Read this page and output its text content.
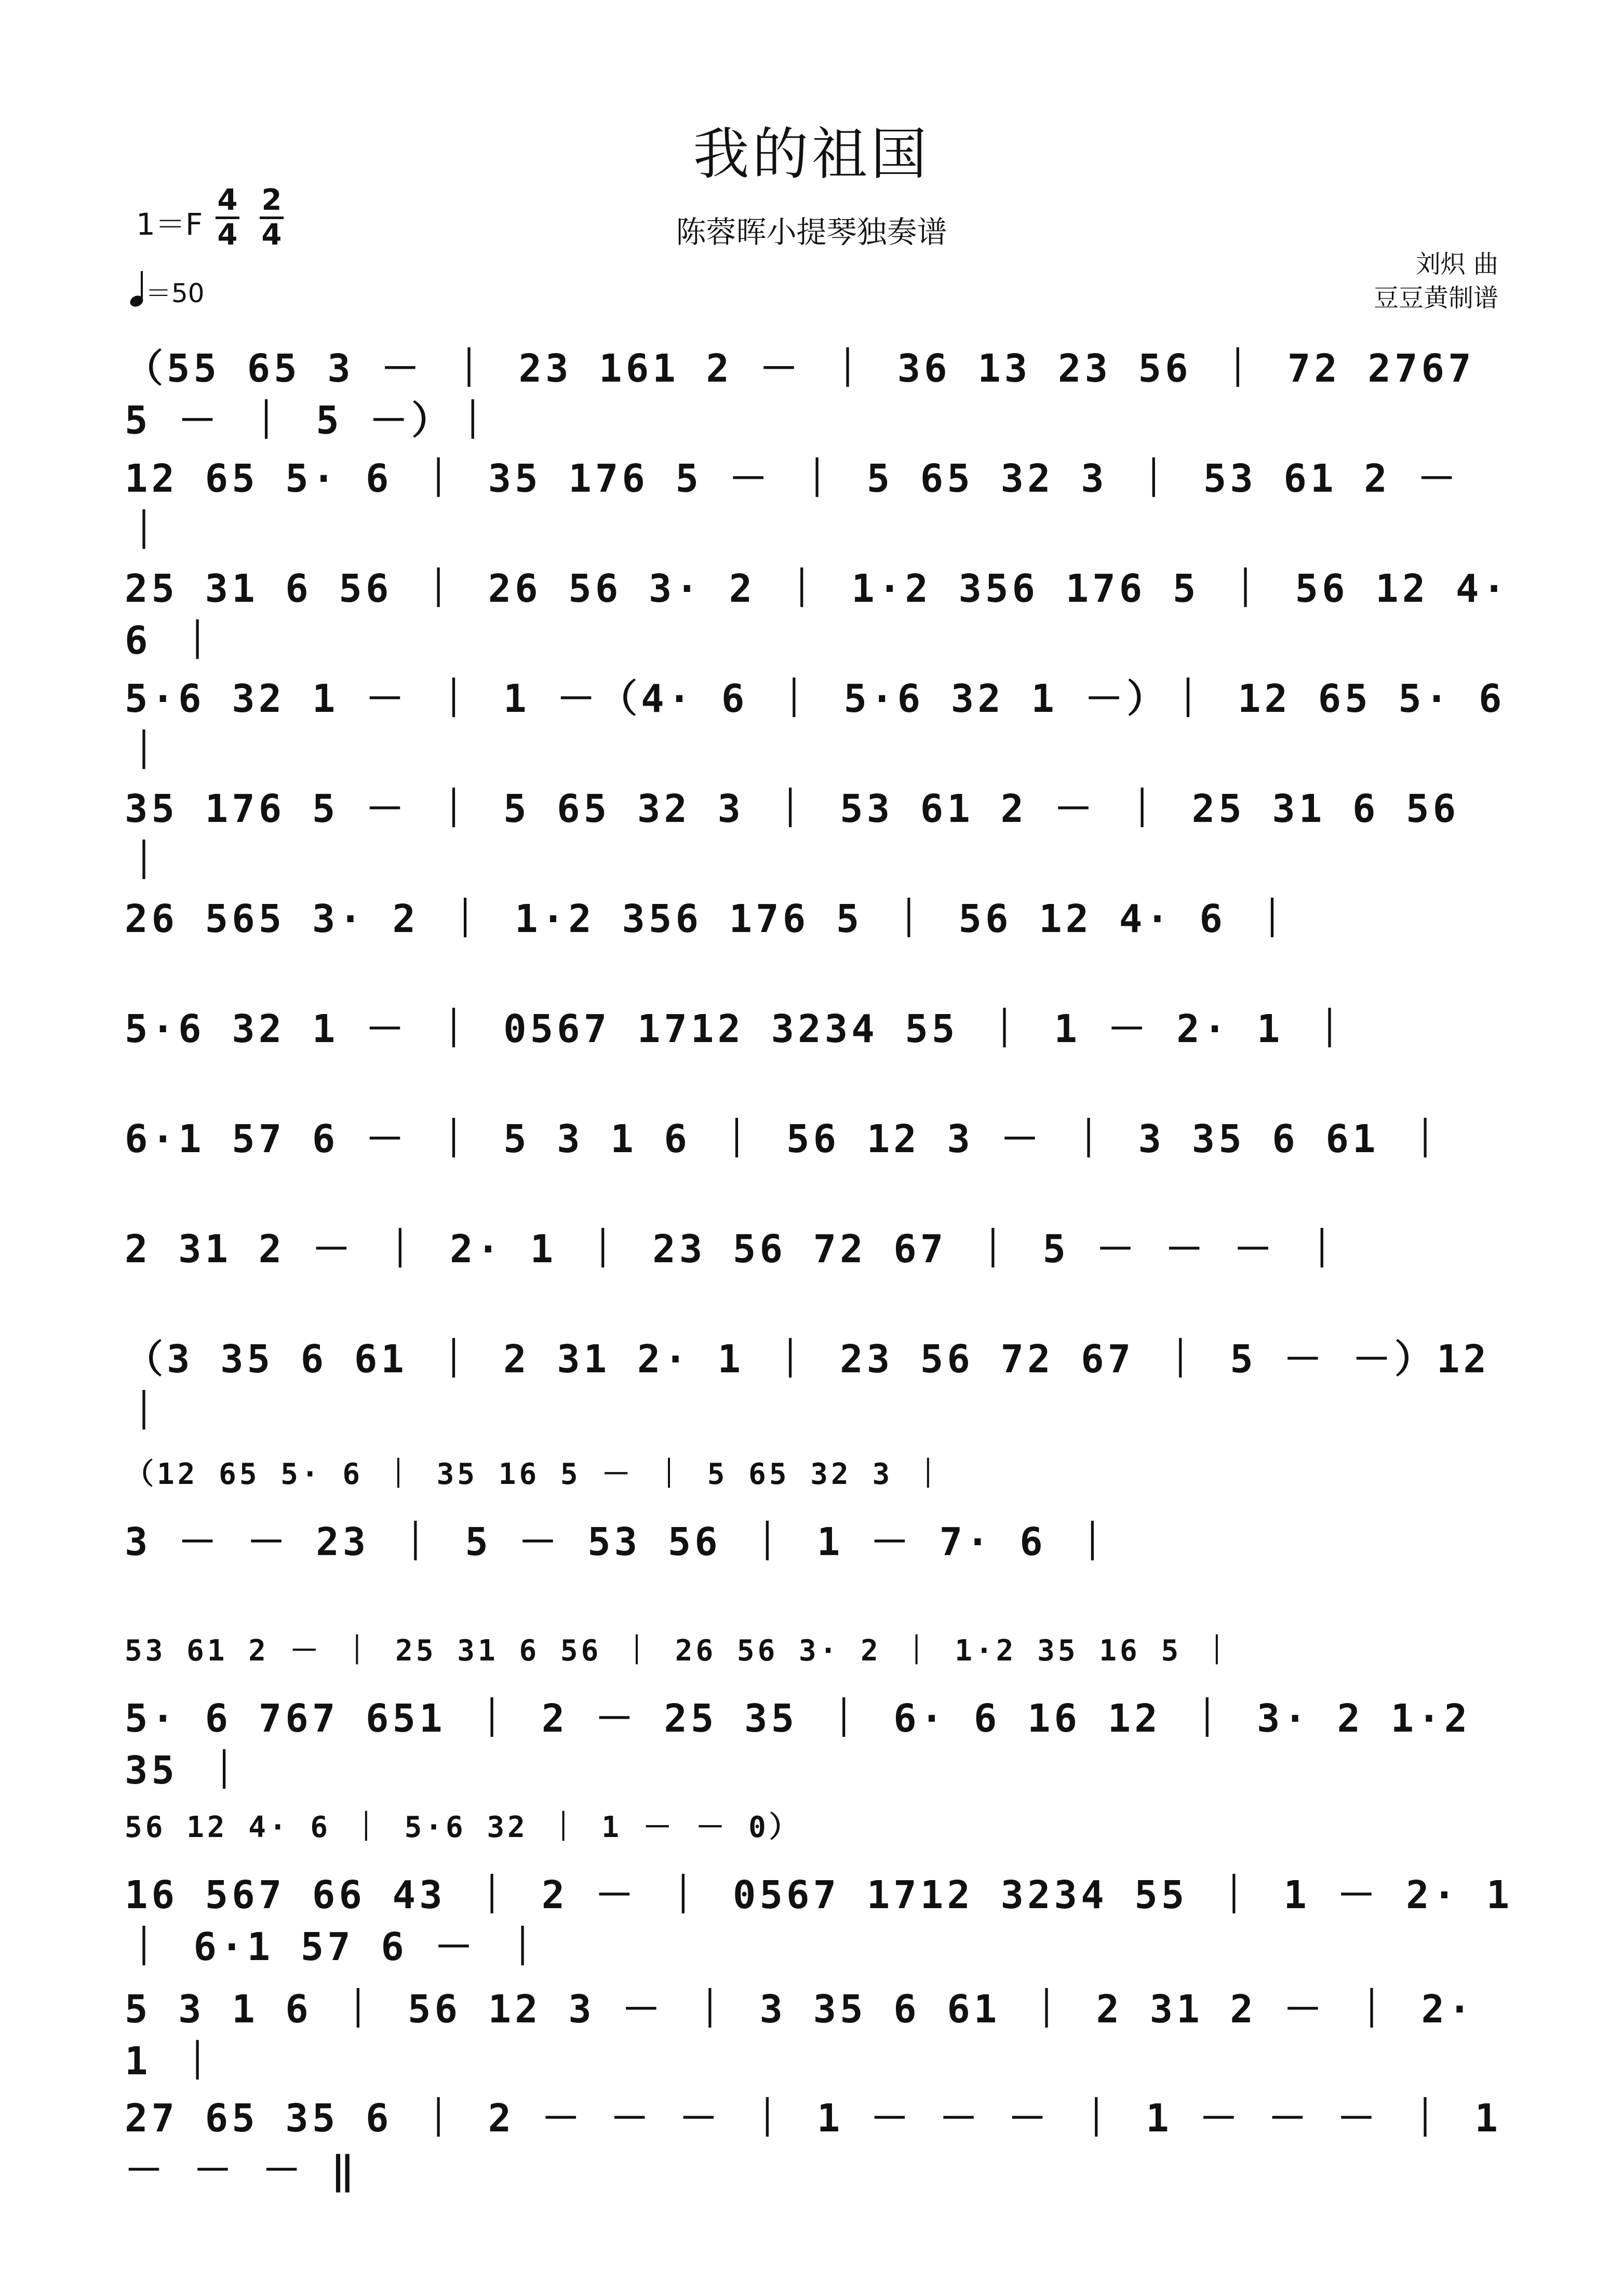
我的祖国
陈蓉晖小提琴独奏谱
1＝F
4
4
2
4
＝50
刘炽 曲
豆豆黄制谱
（55 65 3 － ｜ 23 161 2 － ｜ 36 13 23 56 ｜ 72 2767 5 － ｜ 5 －）｜
12 65 5· 6 ｜ 35 176 5 － ｜ 5 65 32 3 ｜ 53 61 2 － ｜
25 31 6 56 ｜ 26 56 3· 2 ｜ 1·2 356 176 5 ｜ 56 12 4· 6 ｜
5·6 32 1 － ｜ 1 －（4· 6 ｜ 5·6 32 1 －）｜ 12 65 5· 6 ｜
35 176 5 － ｜ 5 65 32 3 ｜ 53 61 2 － ｜ 25 31 6 56 ｜
26 565 3· 2 ｜ 1·2 356 176 5 ｜ 56 12 4· 6 ｜
5·6 32 1 － ｜ 0567 1712 3234 55 ｜ 1 － 2· 1 ｜
6·1 57 6 － ｜ 5 3 1 6 ｜ 56 12 3 － ｜ 3 35 6 61 ｜
2 31 2 － ｜ 2· 1 ｜ 23 56 72 67 ｜ 5 － － － ｜
（3 35 6 61 ｜ 2 31 2· 1 ｜ 23 56 72 67 ｜ 5 － －）12 ｜
（12 65 5· 6 ｜ 35 16 5 － ｜ 5 65 32 3 ｜
3 － － 23 ｜ 5 － 53 56 ｜ 1 － 7· 6 ｜
53 61 2 － ｜ 25 31 6 56 ｜ 26 56 3· 2 ｜ 1·2 35 16 5 ｜
5· 6 767 651 ｜ 2 － 25 35 ｜ 6· 6 16 12 ｜ 3· 2 1·2 35 ｜
56 12 4· 6 ｜ 5·6 32 ｜ 1 － － 0）
16 567 66 43 ｜ 2 － ｜ 0567 1712 3234 55 ｜ 1 － 2· 1 ｜ 6·1 57 6 － ｜
5 3 1 6 ｜ 56 12 3 － ｜ 3 35 6 61 ｜ 2 31 2 － ｜ 2· 1 ｜
27 65 35 6 ｜ 2 － － － ｜ 1 － － － ｜ 1 － － － ｜ 1 － － － ‖
